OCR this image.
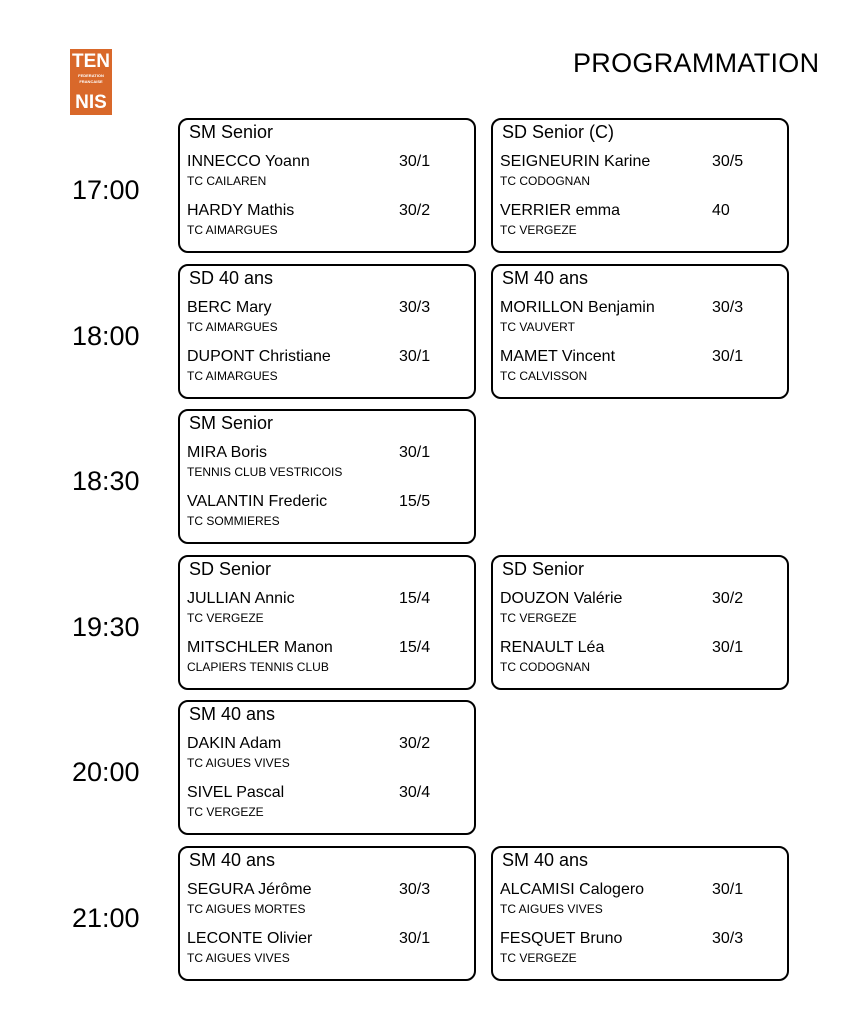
TEN
FEDERATION
FRANCAISE
NIS
PROGRAMMATION
17:00
SM Senior
INNECCO Yoann	30/1
TC CAILAREN
HARDY Mathis	30/2
TC AIMARGUES
SD Senior (C)
SEIGNEURIN Karine	30/5
TC CODOGNAN
VERRIER emma	40
TC VERGEZE
18:00
SD 40 ans
BERC Mary	30/3
TC AIMARGUES
DUPONT Christiane	30/1
TC AIMARGUES
SM 40 ans
MORILLON Benjamin	30/3
TC VAUVERT
MAMET Vincent	30/1
TC CALVISSON
18:30
SM Senior
MIRA Boris	30/1
TENNIS CLUB VESTRICOIS
VALANTIN Frederic	15/5
TC SOMMIERES
19:30
SD Senior
JULLIAN Annic	15/4
TC VERGEZE
MITSCHLER Manon	15/4
CLAPIERS TENNIS CLUB
SD Senior
DOUZON Valérie	30/2
TC VERGEZE
RENAULT Léa	30/1
TC CODOGNAN
20:00
SM 40 ans
DAKIN Adam	30/2
TC AIGUES VIVES
SIVEL Pascal	30/4
TC VERGEZE
21:00
SM 40 ans
SEGURA Jérôme	30/3
TC AIGUES MORTES
LECONTE Olivier	30/1
TC AIGUES VIVES
SM 40 ans
ALCAMISI Calogero	30/1
TC AIGUES VIVES
FESQUET Bruno	30/3
TC VERGEZE
